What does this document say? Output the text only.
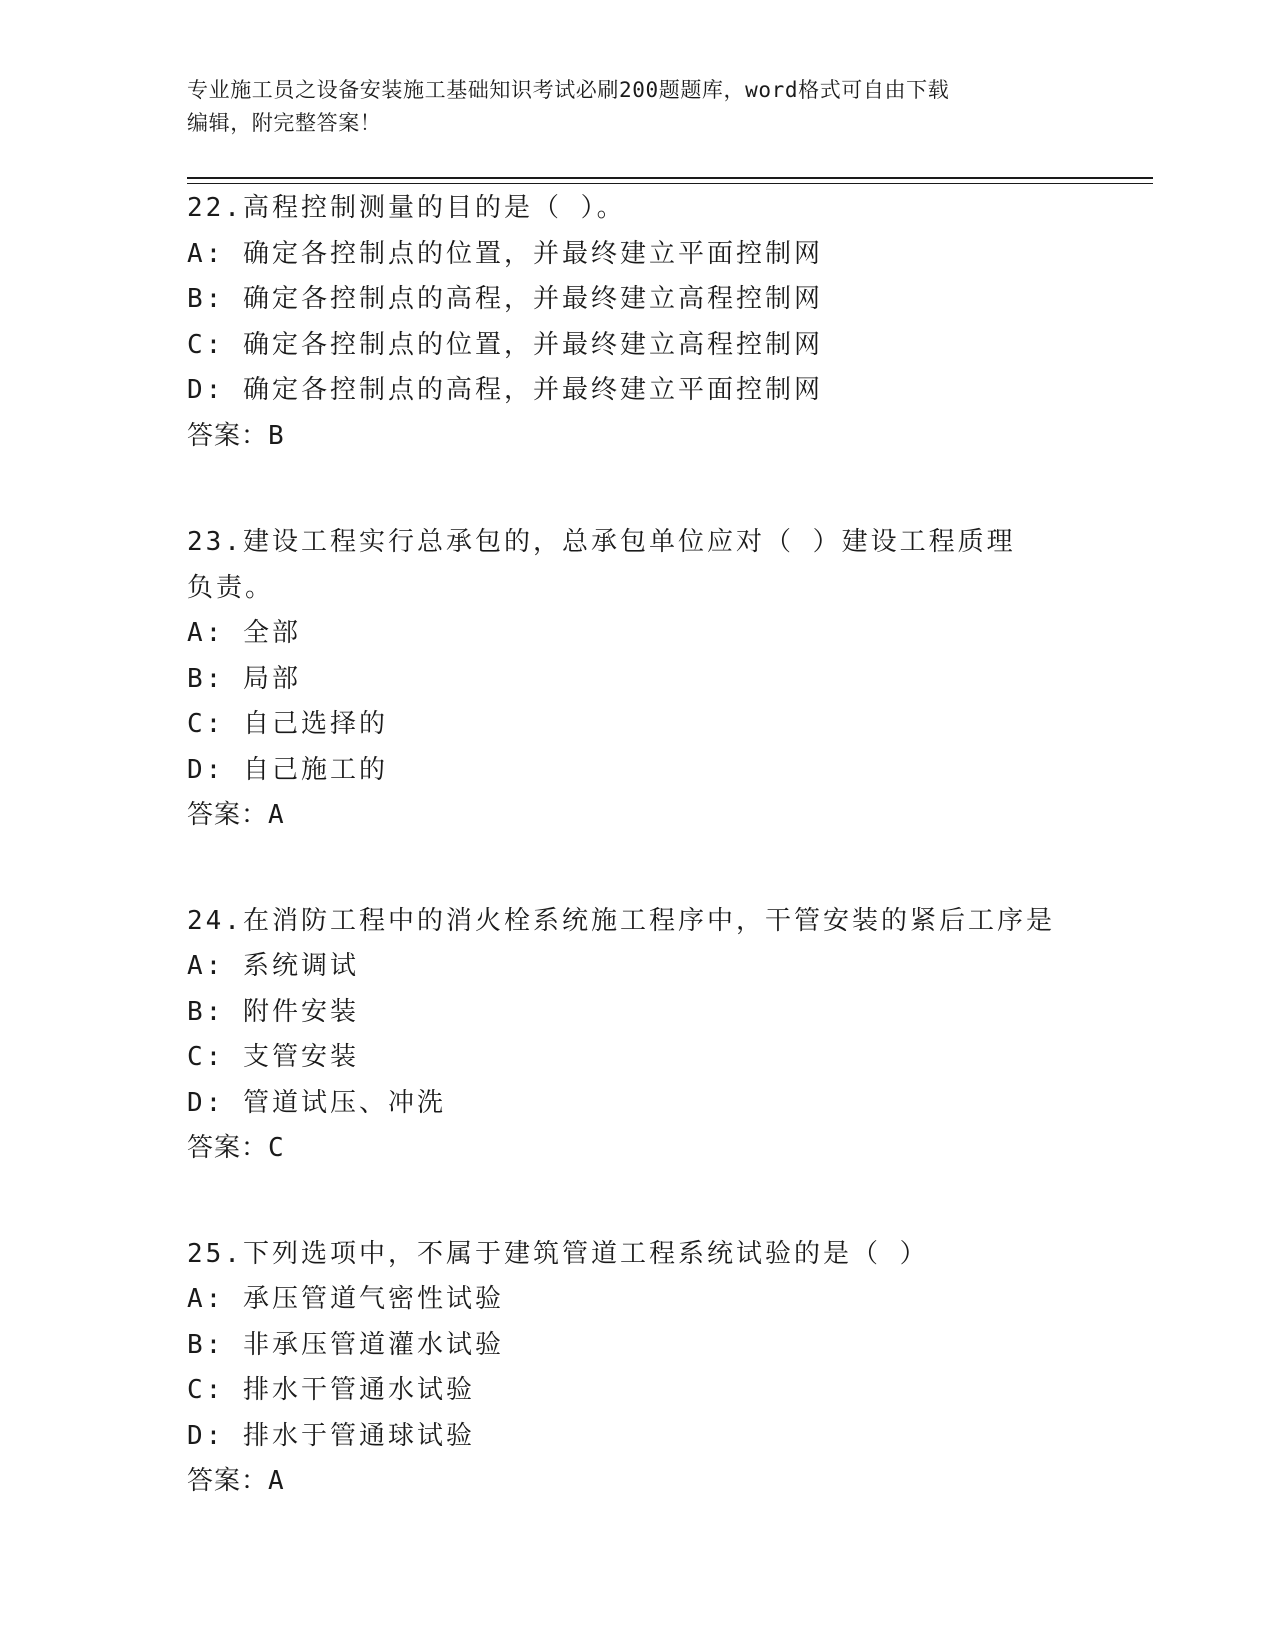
专业施工员之设备安装施工基础知识考试必刷200题题库，word格式可自由下载
编辑，附完整答案！
22.高程控制测量的目的是（ ）。
A: 确定各控制点的位置，并最终建立平面控制网
B: 确定各控制点的高程，并最终建立高程控制网
C: 确定各控制点的位置，并最终建立高程控制网
D: 确定各控制点的高程，并最终建立平面控制网
答案：B
23.建设工程实行总承包的，总承包单位应对（ ）建设工程质理负责。
A: 全部
B: 局部
C: 自己选择的
D: 自己施工的
答案：A
24.在消防工程中的消火栓系统施工程序中，干管安装的紧后工序是
A: 系统调试
B: 附件安装
C: 支管安装
D: 管道试压、冲洗
答案：C
25.下列选项中，不属于建筑管道工程系统试验的是（ ）
A: 承压管道气密性试验
B: 非承压管道灌水试验
C: 排水干管通水试验
D: 排水于管通球试验
答案：A
